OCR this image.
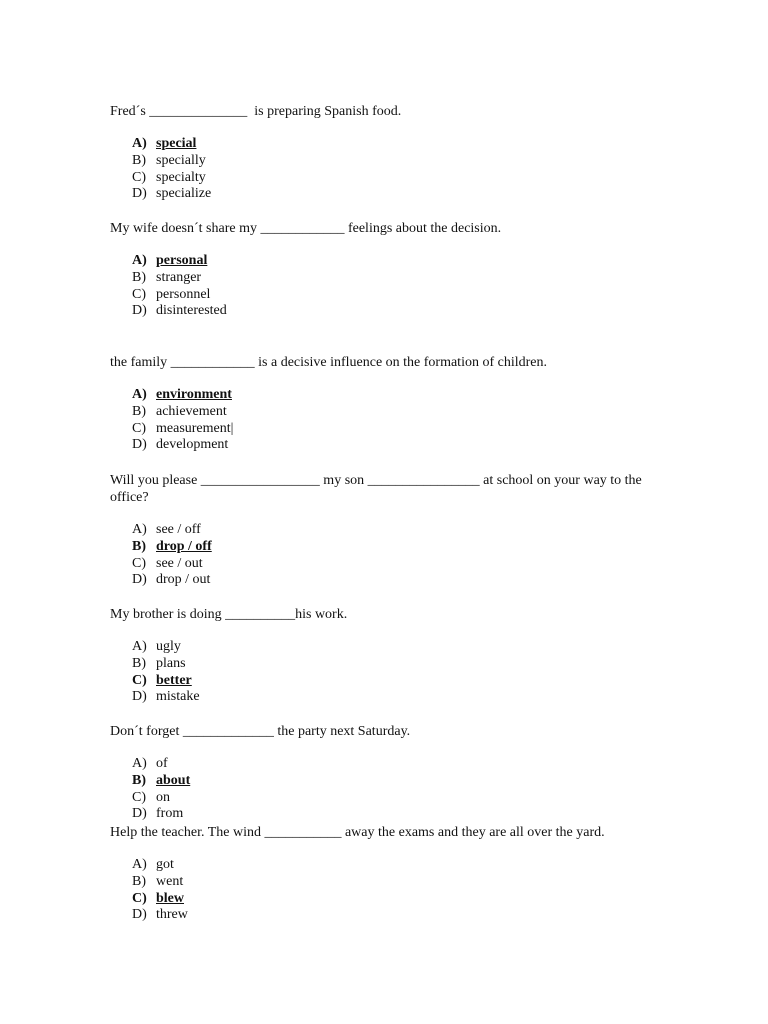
Fred´s ______________  is preparing Spanish food.
A) special
B) specially
C) specialty
D) specialize
My wife doesn´t share my ____________ feelings about the decision.
A) personal
B) stranger
C) personnel
D) disinterested
the family ____________ is a decisive influence on the formation of children.
A) environment
B) achievement
C) measurement|
D) development
Will you please _________________ my son ________________ at school on your way to the office?
A) see / off
B) drop / off
C) see / out
D) drop / out
My brother is doing __________his work.
A) ugly
B) plans
C) better
D) mistake
Don´t forget _____________ the party next Saturday.
A) of
B) about
C) on
D) from
Help the teacher. The wind ___________ away the exams and they are all over the yard.
A) got
B) went
C) blew
D) threw
